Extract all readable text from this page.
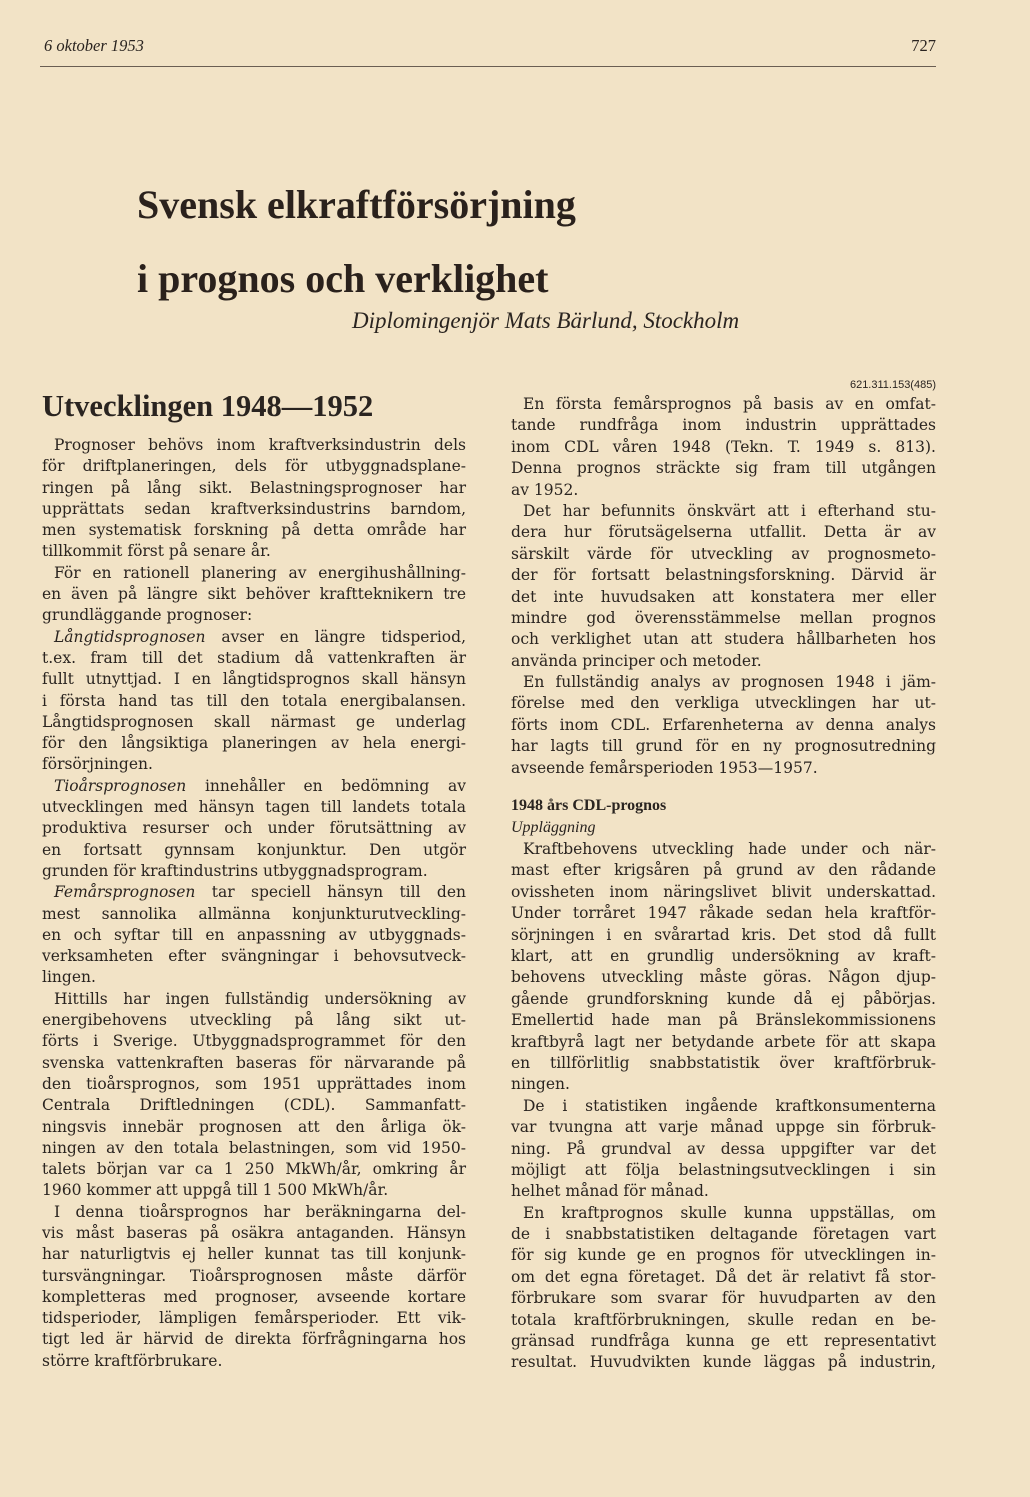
6 oktober 1953	727
Svensk elkraftförsörjning
i prognos och verklighet
Diplomingenjör Mats Bärlund, Stockholm
Utvecklingen 1948—1952
Prognoser behövs inom kraftverksindustrin dels
för driftplaneringen, dels för utbyggnadsplane-
ringen på lång sikt. Belastningsprognoser har
upprättats sedan kraftverksindustrins barndom,
men systematisk forskning på detta område har
tillkommit först på senare år.
För en rationell planering av energihushållning-
en även på längre sikt behöver kraftteknikern tre
grundläggande prognoser:
Långtidsprognosen avser en längre tidsperiod,
t.ex. fram till det stadium då vattenkraften är
fullt utnyttjad. I en långtidsprognos skall hänsyn
i första hand tas till den totala energibalansen.
Långtidsprognosen skall närmast ge underlag
för den långsiktiga planeringen av hela energi-
försörjningen.
Tioårsprognosen innehåller en bedömning av
utvecklingen med hänsyn tagen till landets totala
produktiva resurser och under förutsättning av
en fortsatt gynnsam konjunktur. Den utgör
grunden för kraftindustrins utbyggnadsprogram.
Femårsprognosen tar speciell hänsyn till den
mest sannolika allmänna konjunkturutveckling-
en och syftar till en anpassning av utbyggnads-
verksamheten efter svängningar i behovsutveck-
lingen.
Hittills har ingen fullständig undersökning av
energibehovens utveckling på lång sikt ut-
förts i Sverige. Utbyggnadsprogrammet för den
svenska vattenkraften baseras för närvarande på
den tioårsprognos, som 1951 upprättades inom
Centrala Driftledningen (CDL). Sammanfatt-
ningsvis innebär prognosen att den årliga ök-
ningen av den totala belastningen, som vid 1950-
talets början var ca 1 250 MkWh/år, omkring år
1960 kommer att uppgå till 1 500 MkWh/år.
I denna tioårsprognos har beräkningarna del-
vis måst baseras på osäkra antaganden. Hänsyn
har naturligtvis ej heller kunnat tas till konjunk-
tursvängningar. Tioårsprognosen måste därför
kompletteras med prognoser, avseende kortare
tidsperioder, lämpligen femårsperioder. Ett vik-
tigt led är härvid de direkta förfrågningarna hos
större kraftförbrukare.
621.311.153(485)
En första femårsprognos på basis av en omfat-
tande rundfråga inom industrin upprättades
inom CDL våren 1948 (Tekn. T. 1949 s. 813).
Denna prognos sträckte sig fram till utgången
av 1952.
Det har befunnits önskvärt att i efterhand stu-
dera hur förutsägelserna utfallit. Detta är av
särskilt värde för utveckling av prognosmeto-
der för fortsatt belastningsforskning. Därvid är
det inte huvudsaken att konstatera mer eller
mindre god överensstämmelse mellan prognos
och verklighet utan att studera hållbarheten hos
använda principer och metoder.
En fullständig analys av prognosen 1948 i jäm-
förelse med den verkliga utvecklingen har ut-
förts inom CDL. Erfarenheterna av denna analys
har lagts till grund för en ny prognosutredning
avseende femårsperioden 1953—1957.
1948 års CDL-prognos
Uppläggning
Kraftbehovens utveckling hade under och när-
mast efter krigsåren på grund av den rådande
ovissheten inom näringslivet blivit underskattad.
Under torråret 1947 råkade sedan hela kraftför-
sörjningen i en svårartad kris. Det stod då fullt
klart, att en grundlig undersökning av kraft-
behovens utveckling måste göras. Någon djup-
gående grundforskning kunde då ej påbörjas.
Emellertid hade man på Bränslekommissionens
kraftbyrå lagt ner betydande arbete för att skapa
en tillförlitlig snabbstatistik över kraftförbruk-
ningen.
De i statistiken ingående kraftkonsumenterna
var tvungna att varje månad uppge sin förbruk-
ning. På grundval av dessa uppgifter var det
möjligt att följa belastningsutvecklingen i sin
helhet månad för månad.
En kraftprognos skulle kunna uppställas, om
de i snabbstatistiken deltagande företagen vart
för sig kunde ge en prognos för utvecklingen in-
om det egna företaget. Då det är relativt få stor-
förbrukare som svarar för huvudparten av den
totala kraftförbrukningen, skulle redan en be-
gränsad rundfråga kunna ge ett representativt
resultat. Huvudvikten kunde läggas på industrin,
